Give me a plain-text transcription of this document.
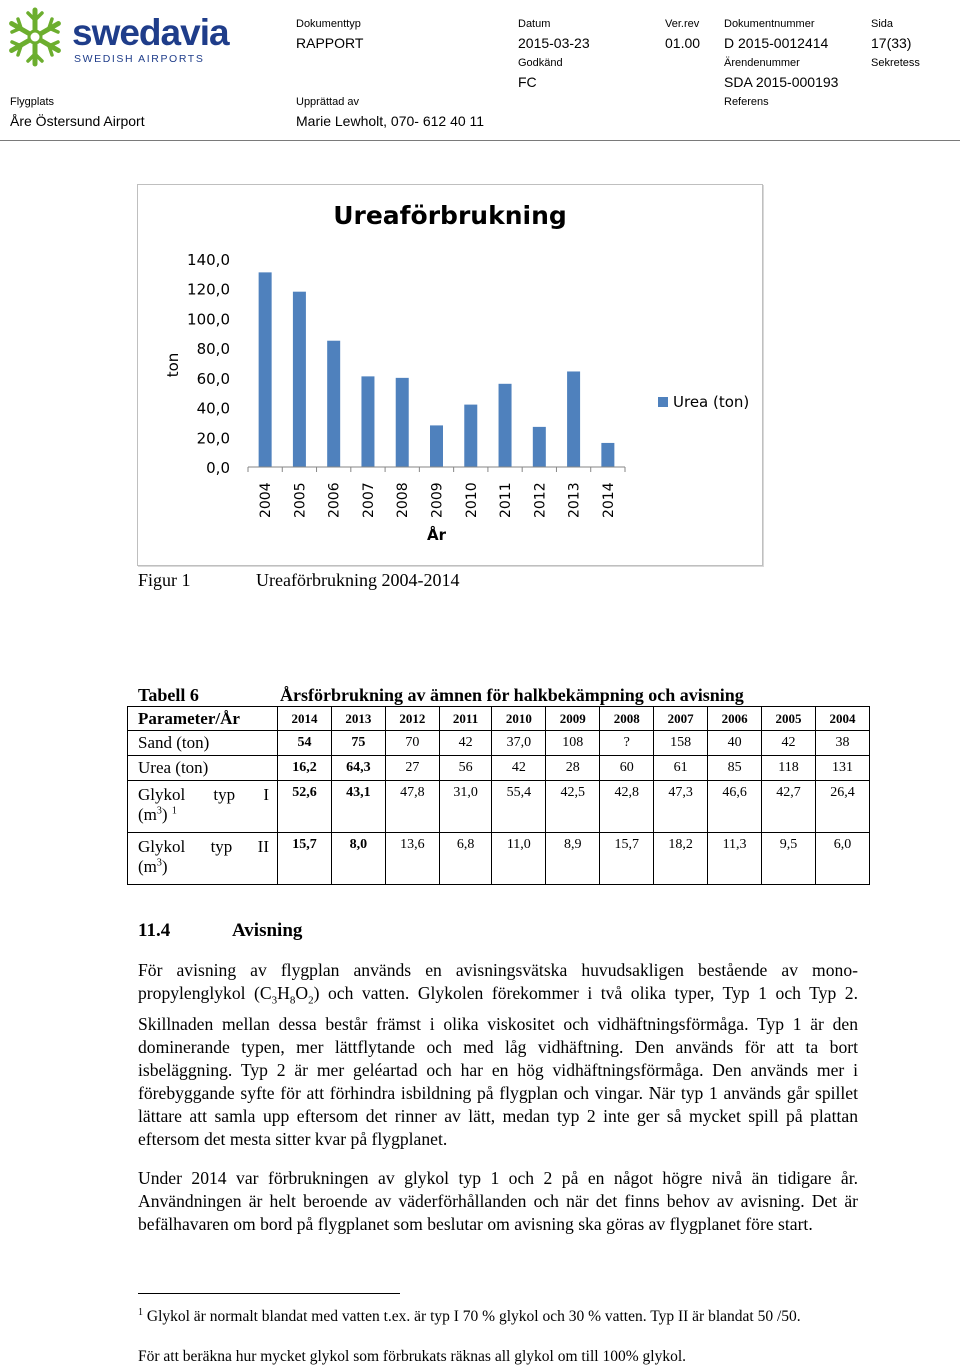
swedavia
SWEDISH AIRPORTS
Dokumenttyp
RAPPORT
Datum
2015-03-23
Ver.rev
01.00
Dokumentnummer
D 2015-0012414
Sida
17(33)
Godkänd
FC
Ärendenummer
SDA 2015-000193
Sekretess
Flygplats
Åre Östersund Airport
Upprättad av
Marie Lewholt, 070- 612 40 11
Referens
Ureaförbrukning
0,0
20,0
40,0
60,0
80,0
100,0
120,0
140,0
ton
2004 2005 2006 2007 2008 2009 2010 2011 2012 2013 2014
År
Urea (ton)
Figur 1	Ureaförbrukning 2004-2014
Tabell 6	Årsförbrukning av ämnen för halkbekämpning och avisning
Parameter/År	2014	2013	2012	2011	2010	2009	2008	2007	2006	2005	2004
Sand (ton)	54	75	70	42	37,0	108	?	158	40	42	38
Urea (ton)	16,2	64,3	27	56	42	28	60	61	85	118	131

Glykol typ I
$(m^3)$ $^1$	52,6	43,1	47,8	31,0	55,4	42,5	42,8	47,3	46,6	42,7	26,4

Glykol typ II
$(m^3)$	15,7	8,0	13,6	6,8	11,0	8,9	15,7	18,2	11,3	9,5	6,0
11.4	Avisning
För avisning av flygplan används en avisningsvätska huvudsakligen bestående av mono-propylenglykol $(C_3H_8O_2)$ och vatten. Glykolen förekommer i två olika typer, Typ 1 och Typ 2. Skillnaden mellan dessa består främst i olika viskositet och vidhäftningsförmåga. Typ 1 är den dominerande typen, mer lättflytande och med låg vidhäftning. Den används för att ta bort isbeläggning. Typ 2 är mer geléartad och har en hög vidhäftningsförmåga. Den används mer i förebyggande syfte för att förhindra isbildning på flygplan och vingar. När typ 1 används går spillet lättare att samla upp eftersom det rinner av lätt, medan typ 2 inte ger så mycket spill på plattan eftersom det mesta sitter kvar på flygplanet.
Under 2014 var förbrukningen av glykol typ 1 och 2 på en något högre nivå än tidigare år. Användningen är helt beroende av väderförhållanden och när det finns behov av avisning. Det är befälhavaren om bord på flygplanet som beslutar om avisning ska göras av flygplanet före start.
$^1$ Glykol är normalt blandat med vatten t.ex. är typ I 70 % glykol och 30 % vatten. Typ II är blandat 50 /50.
För att beräkna hur mycket glykol som förbrukats räknas all glykol om till 100% glykol.
